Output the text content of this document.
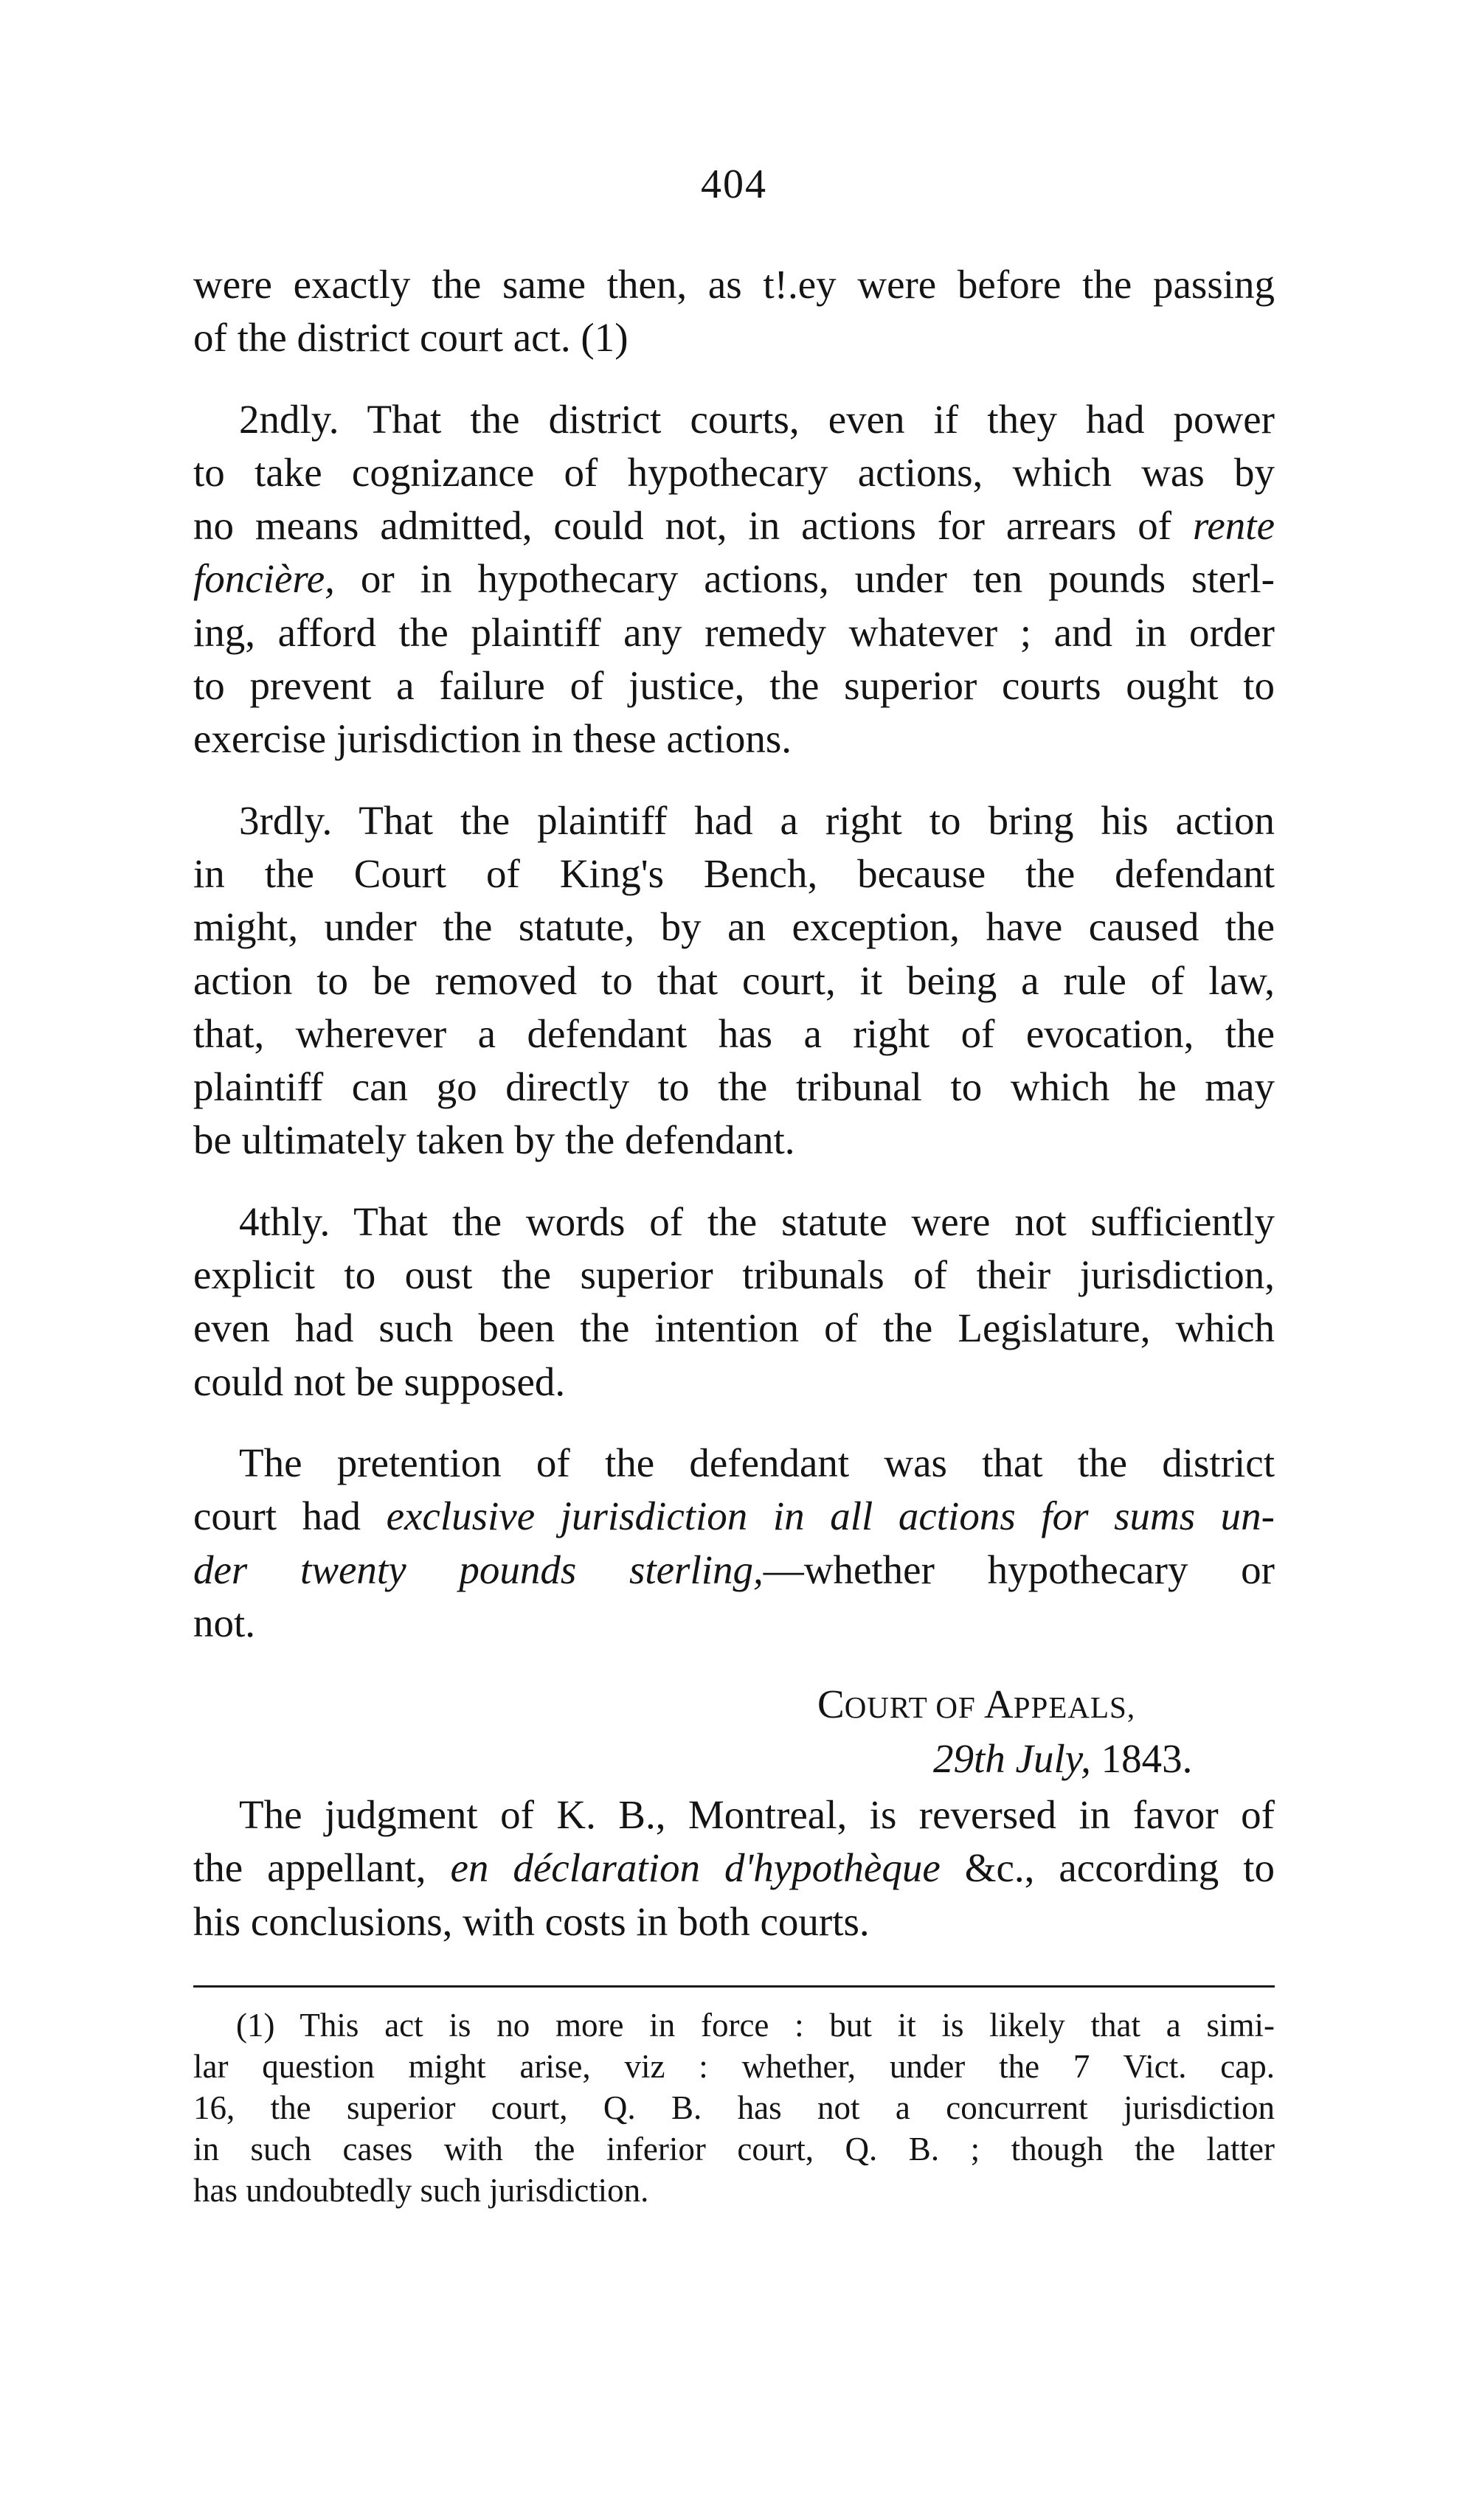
404

were exactly the same then, as t!.ey were before the passing
of the district court act. (1)

2ndly. That the district courts, even if they had power
to take cognizance of hypothecary actions, which was by
no means admitted, could not, in actions for arrears of rente
foncière, or in hypothecary actions, under ten pounds sterl-
ing, afford the plaintiff any remedy whatever ; and in order
to prevent a failure of justice, the superior courts ought to
exercise jurisdiction in these actions.

3rdly. That the plaintiff had a right to bring his action
in the Court of King's Bench, because the defendant
might, under the statute, by an exception, have caused the
action to be removed to that court, it being a rule of law,
that, wherever a defendant has a right of evocation, the
plaintiff can go directly to the tribunal to which he may
be ultimately taken by the defendant.

4thly. That the words of the statute were not sufficiently
explicit to oust the superior tribunals of their jurisdiction,
even had such been the intention of the Legislature, which
could not be supposed.

The pretention of the defendant was that the district
court had exclusive jurisdiction in all actions for sums un-
der twenty pounds sterling,—whether hypothecary or
not.

COURT OF APPEALS,
29th July, 1843.

The judgment of K. B., Montreal, is reversed in favor of
the appellant, en déclaration d'hypothèque &c., according to
his conclusions, with costs in both courts.

(1) This act is no more in force : but it is likely that a simi-
lar question might arise, viz : whether, under the 7 Vict. cap.
16, the superior court, Q. B. has not a concurrent jurisdiction
in such cases with the inferior court, Q. B. ; though the latter
has undoubtedly such jurisdiction.
